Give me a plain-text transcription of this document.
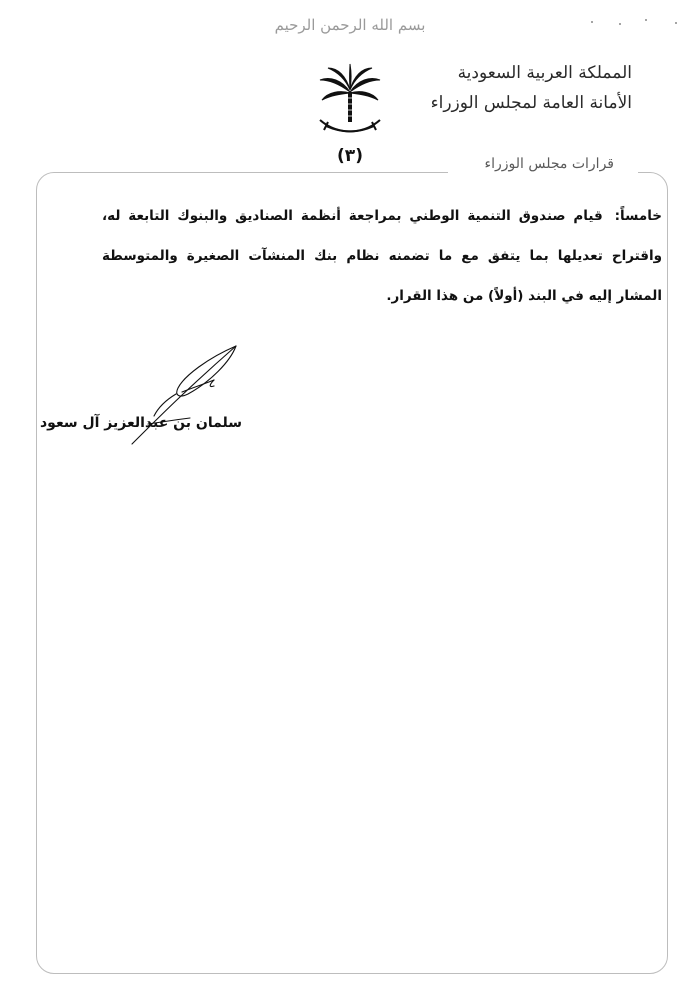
بسم الله الرحمن الرحيم
(٣)
المملكة العربية السعودية
الأمانة العامة لمجلس الوزراء
قرارات مجلس الوزراء
خامساً: قيام صندوق التنمية الوطني بمراجعة أنظمة الصناديق والبنوك التابعة له، واقتراح تعديلها بما يتفق مع ما تضمنه نظام بنك المنشآت الصغيرة والمتوسطة المشار إليه في البند (أولاً) من هذا القرار.
سلمان بن عبدالعزيز آل سعود
